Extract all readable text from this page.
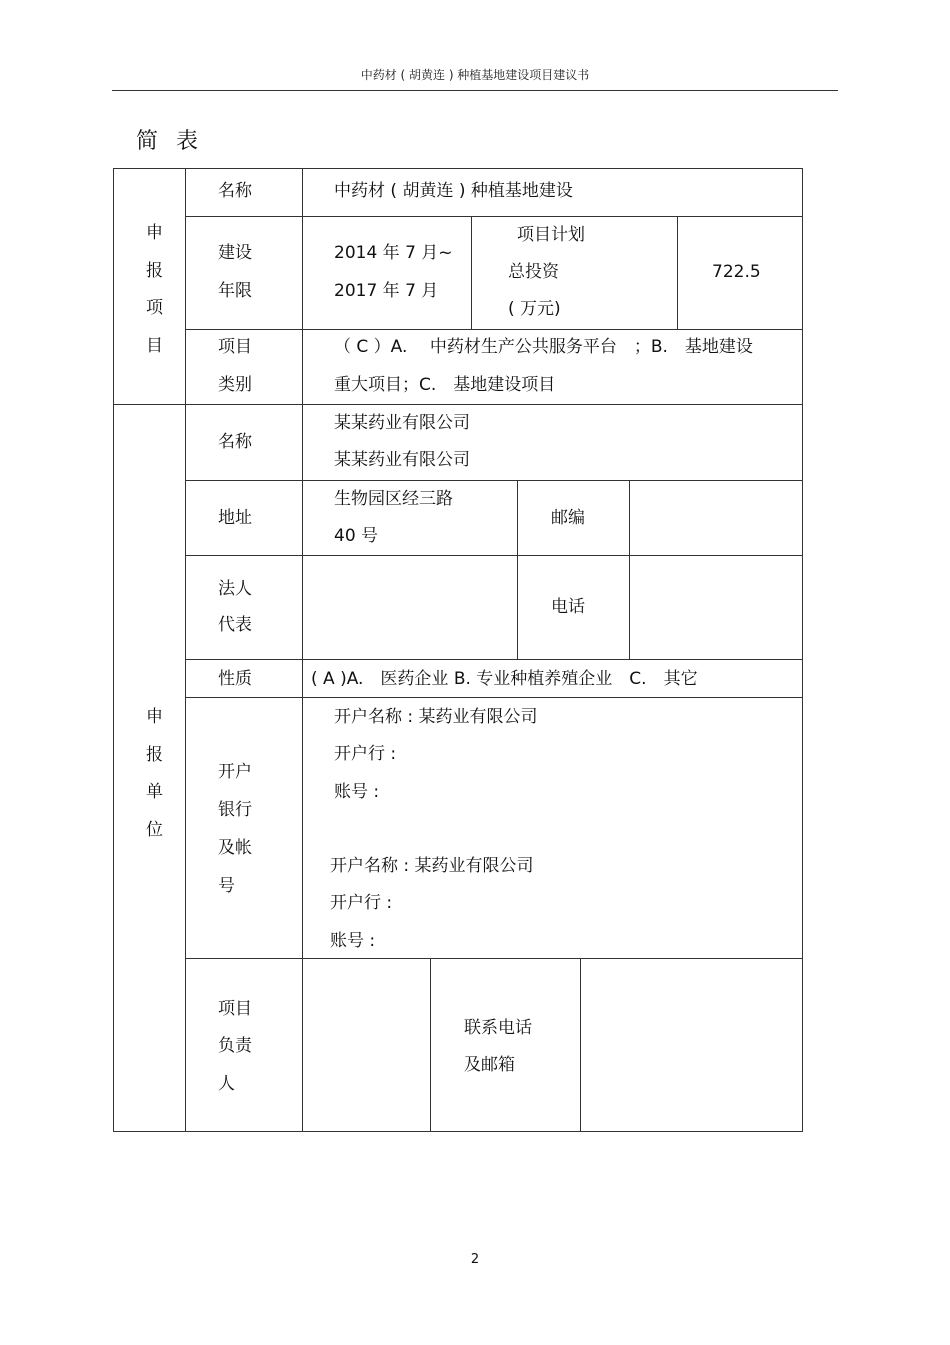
中药材 ( 胡黄连 ) 种植基地建设项目建议书
简表
申
报
项
目
名称	中药材 ( 胡黄连 ) 种植基地建设
建设
年限
2014 年 7 月~
2017 年 7 月
项目计划
总投资
( 万元)
722.5
项目
类别
（ C ）A.　 中药材生产公共服务平台　；B.　基地建设
重大项目；C.　基地建设项目
申
报
单
位
名称
某某药业有限公司
某某药业有限公司
地址
生物园区经三路
40 号
邮编
法人
代表
电话
性质	( A )A.　医药企业 B. 专业种植养殖企业　C.　其它
开户
银行
及帐
号
开户名称 : 某药业有限公司
开户行 :
账号 :
开户名称 : 某药业有限公司
开户行 :
账号 :
项目
负责
人
联系电话
及邮箱
2
